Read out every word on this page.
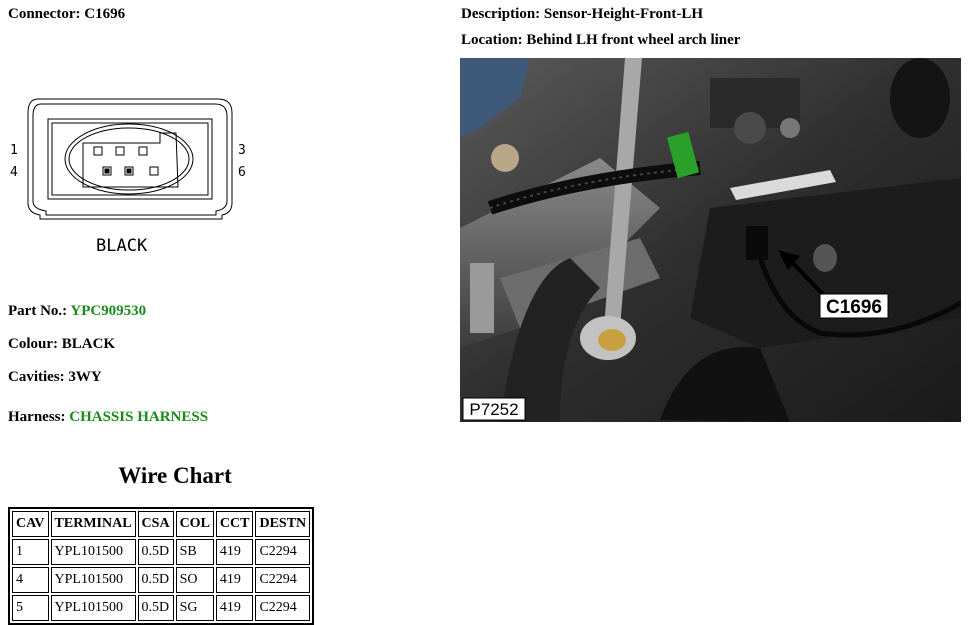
Connector: C1696	Description: Sensor-Height-Front-LH
Location: Behind LH front wheel arch liner
1
4
3
6
BLACK
Part No.: YPC909530
Colour: BLACK
Cavities: 3WY
Harness: CHASSIS HARNESS
C1696
P7252
Wire Chart
CAV	TERMINAL	CSA	COL	CCT	DESTN
1	YPL101500	0.5D	SB	419	C2294
4	YPL101500	0.5D	SO	419	C2294
5	YPL101500	0.5D	SG	419	C2294
